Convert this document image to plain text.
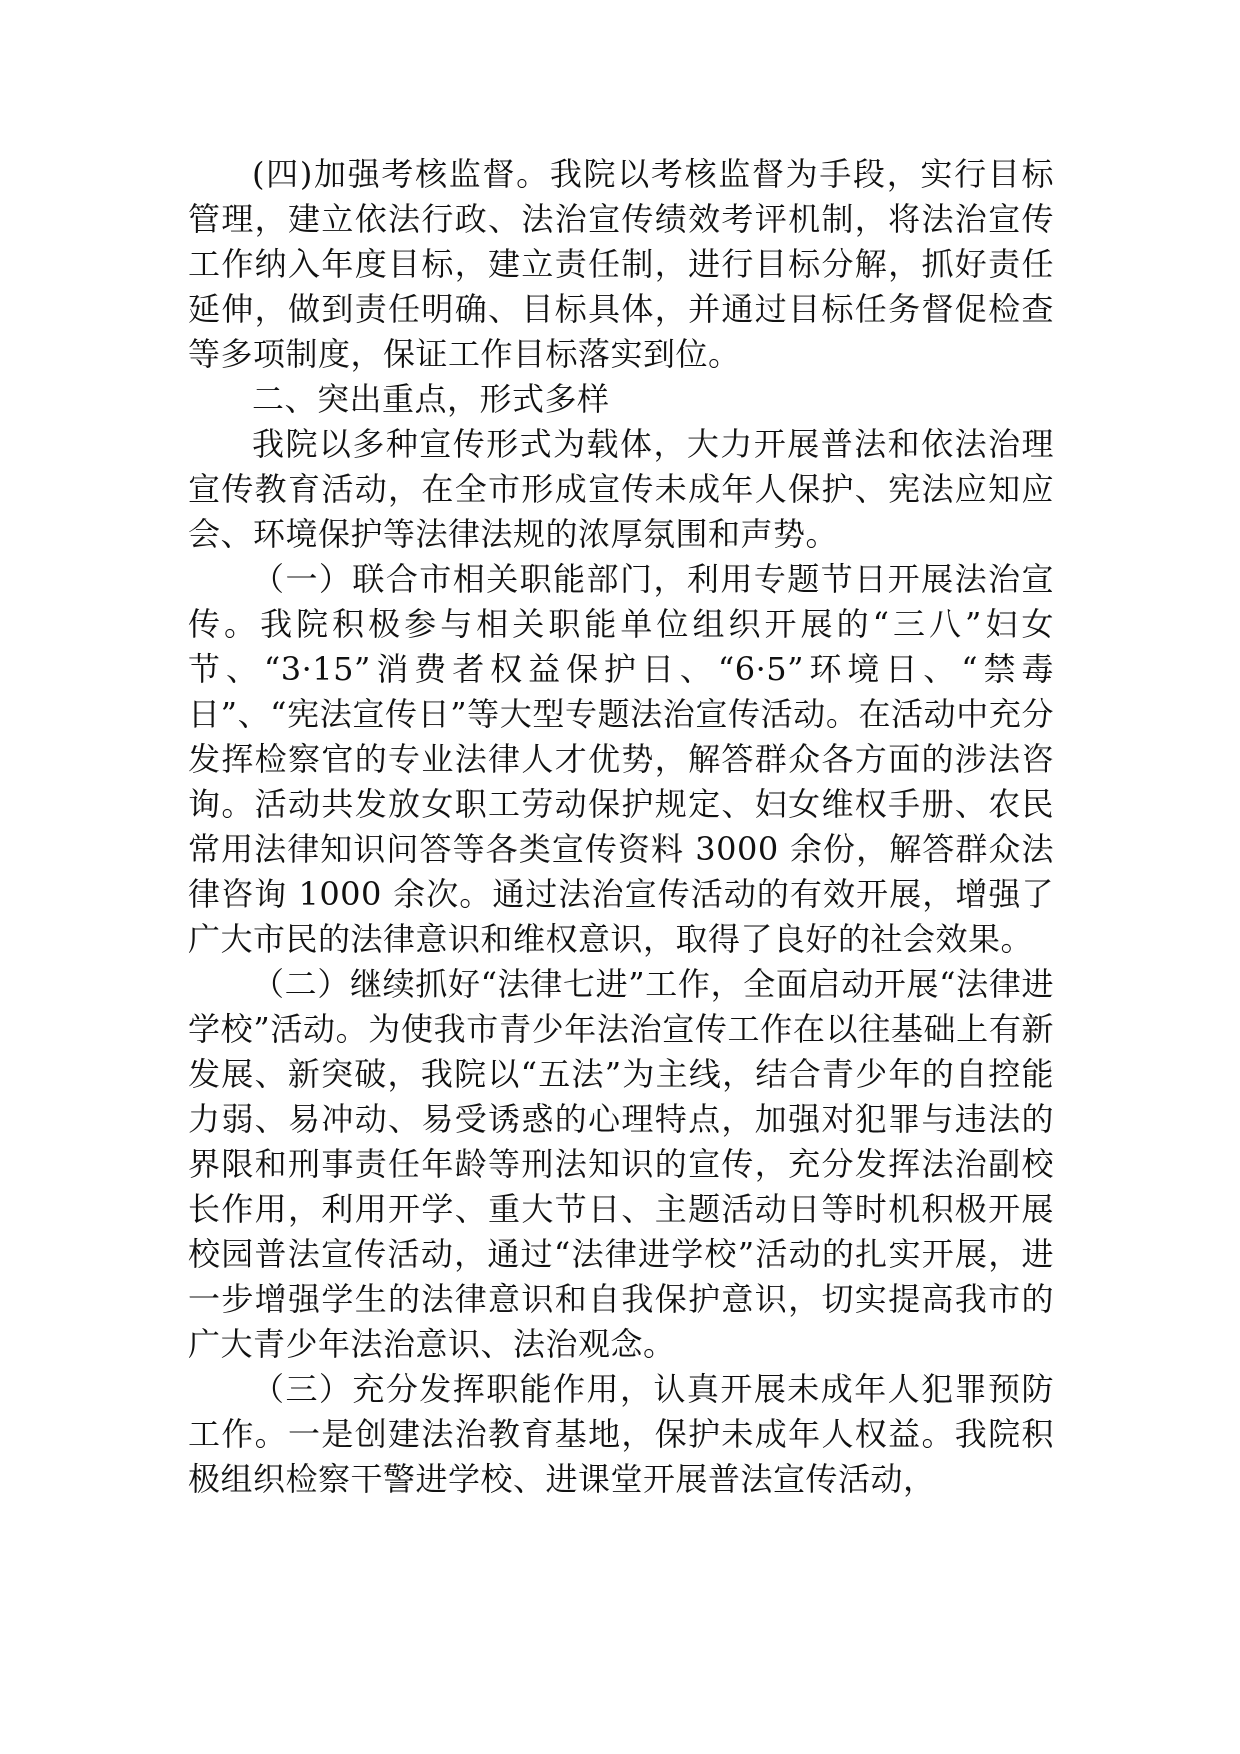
(四)加强考核监督。我院以考核监督为手段，实行目标管理，建立依法行政、法治宣传绩效考评机制，将法治宣传工作纳入年度目标，建立责任制，进行目标分解，抓好责任延伸，做到责任明确、目标具体，并通过目标任务督促检查等多项制度，保证工作目标落实到位。

二、突出重点，形式多样

我院以多种宣传形式为载体，大力开展普法和依法治理宣传教育活动，在全市形成宣传未成年人保护、宪法应知应会、环境保护等法律法规的浓厚氛围和声势。

（一）联合市相关职能部门，利用专题节日开展法治宣传。我院积极参与相关职能单位组织开展的“三八”妇女节、“3·15”消费者权益保护日、“6·5”环境日、“禁毒日”、“宪法宣传日”等大型专题法治宣传活动。在活动中充分发挥检察官的专业法律人才优势，解答群众各方面的涉法咨询。活动共发放女职工劳动保护规定、妇女维权手册、农民常用法律知识问答等各类宣传资料 3000 余份，解答群众法律咨询 1000 余次。通过法治宣传活动的有效开展，增强了广大市民的法律意识和维权意识，取得了良好的社会效果。

（二）继续抓好“法律七进”工作，全面启动开展“法律进学校”活动。为使我市青少年法治宣传工作在以往基础上有新发展、新突破，我院以“五法”为主线，结合青少年的自控能力弱、易冲动、易受诱惑的心理特点，加强对犯罪与违法的界限和刑事责任年龄等刑法知识的宣传，充分发挥法治副校长作用，利用开学、重大节日、主题活动日等时机积极开展校园普法宣传活动，通过“法律进学校”活动的扎实开展，进一步增强学生的法律意识和自我保护意识，切实提高我市的广大青少年法治意识、法治观念。

（三）充分发挥职能作用，认真开展未成年人犯罪预防工作。一是创建法治教育基地，保护未成年人权益。我院积极组织检察干警进学校、进课堂开展普法宣传活动，
